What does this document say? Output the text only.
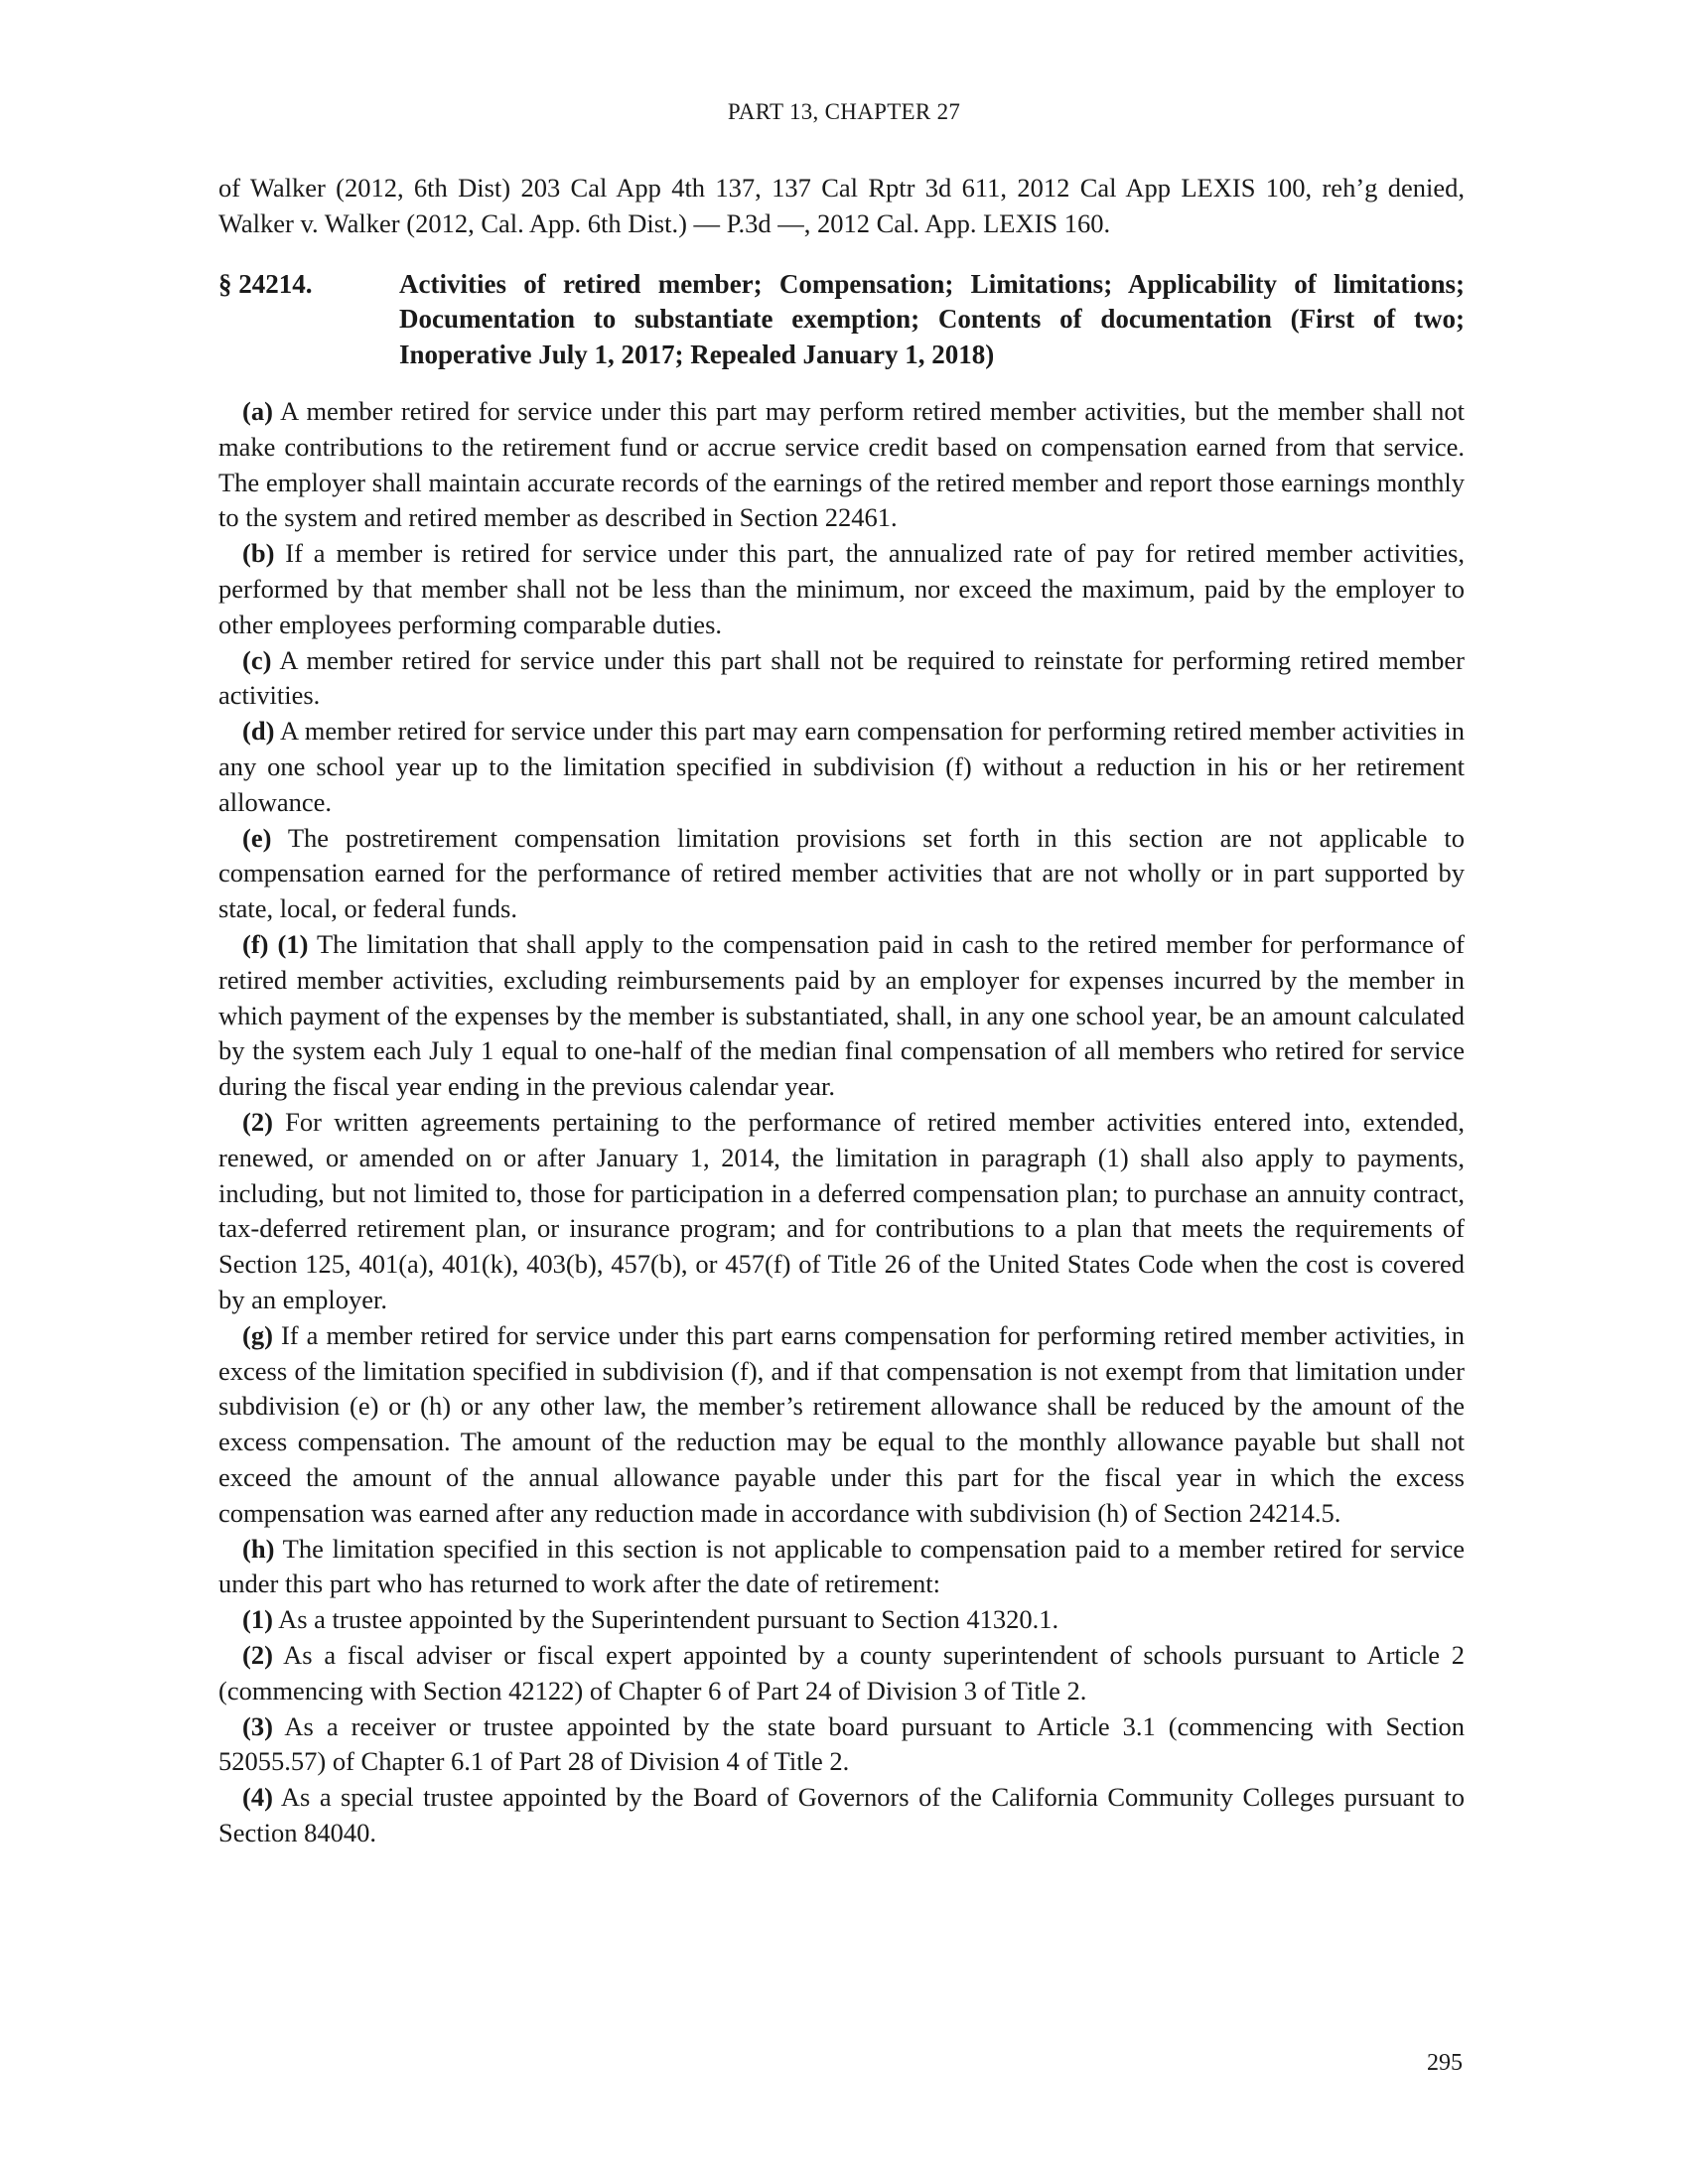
PART 13, CHAPTER 27

of Walker (2012, 6th Dist) 203 Cal App 4th 137, 137 Cal Rptr 3d 611, 2012 Cal App LEXIS 100, reh’g denied, Walker v. Walker (2012, Cal. App. 6th Dist.) — P.3d —, 2012 Cal. App. LEXIS 160.

§ 24214.	Activities of retired member; Compensation; Limitations; Applicability of limitations; Documentation to substantiate exemption; Contents of documentation (First of two; Inoperative July 1, 2017; Repealed January 1, 2018)

(a) A member retired for service under this part may perform retired member activities, but the member shall not make contributions to the retirement fund or accrue service credit based on compensation earned from that service. The employer shall maintain accurate records of the earnings of the retired member and report those earnings monthly to the system and retired member as described in Section 22461.

(b) If a member is retired for service under this part, the annualized rate of pay for retired member activities, performed by that member shall not be less than the minimum, nor exceed the maximum, paid by the employer to other employees performing comparable duties.

(c) A member retired for service under this part shall not be required to reinstate for performing retired member activities.

(d) A member retired for service under this part may earn compensation for performing retired member activities in any one school year up to the limitation specified in subdivision (f) without a reduction in his or her retirement allowance.

(e) The postretirement compensation limitation provisions set forth in this section are not applicable to compensation earned for the performance of retired member activities that are not wholly or in part supported by state, local, or federal funds.

(f) (1) The limitation that shall apply to the compensation paid in cash to the retired member for performance of retired member activities, excluding reimbursements paid by an employer for expenses incurred by the member in which payment of the expenses by the member is substantiated, shall, in any one school year, be an amount calculated by the system each July 1 equal to one-half of the median final compensation of all members who retired for service during the fiscal year ending in the previous calendar year.

(2) For written agreements pertaining to the performance of retired member activities entered into, extended, renewed, or amended on or after January 1, 2014, the limitation in paragraph (1) shall also apply to payments, including, but not limited to, those for participation in a deferred compensation plan; to purchase an annuity contract, tax-deferred retirement plan, or insurance program; and for contributions to a plan that meets the requirements of Section 125, 401(a), 401(k), 403(b), 457(b), or 457(f) of Title 26 of the United States Code when the cost is covered by an employer.

(g) If a member retired for service under this part earns compensation for performing retired member activities, in excess of the limitation specified in subdivision (f), and if that compensation is not exempt from that limitation under subdivision (e) or (h) or any other law, the member’s retirement allowance shall be reduced by the amount of the excess compensation. The amount of the reduction may be equal to the monthly allowance payable but shall not exceed the amount of the annual allowance payable under this part for the fiscal year in which the excess compensation was earned after any reduction made in accordance with subdivision (h) of Section 24214.5.

(h) The limitation specified in this section is not applicable to compensation paid to a member retired for service under this part who has returned to work after the date of retirement:

(1) As a trustee appointed by the Superintendent pursuant to Section 41320.1.

(2) As a fiscal adviser or fiscal expert appointed by a county superintendent of schools pursuant to Article 2 (commencing with Section 42122) of Chapter 6 of Part 24 of Division 3 of Title 2.

(3) As a receiver or trustee appointed by the state board pursuant to Article 3.1 (commencing with Section 52055.57) of Chapter 6.1 of Part 28 of Division 4 of Title 2.

(4) As a special trustee appointed by the Board of Governors of the California Community Colleges pursuant to Section 84040.

295
